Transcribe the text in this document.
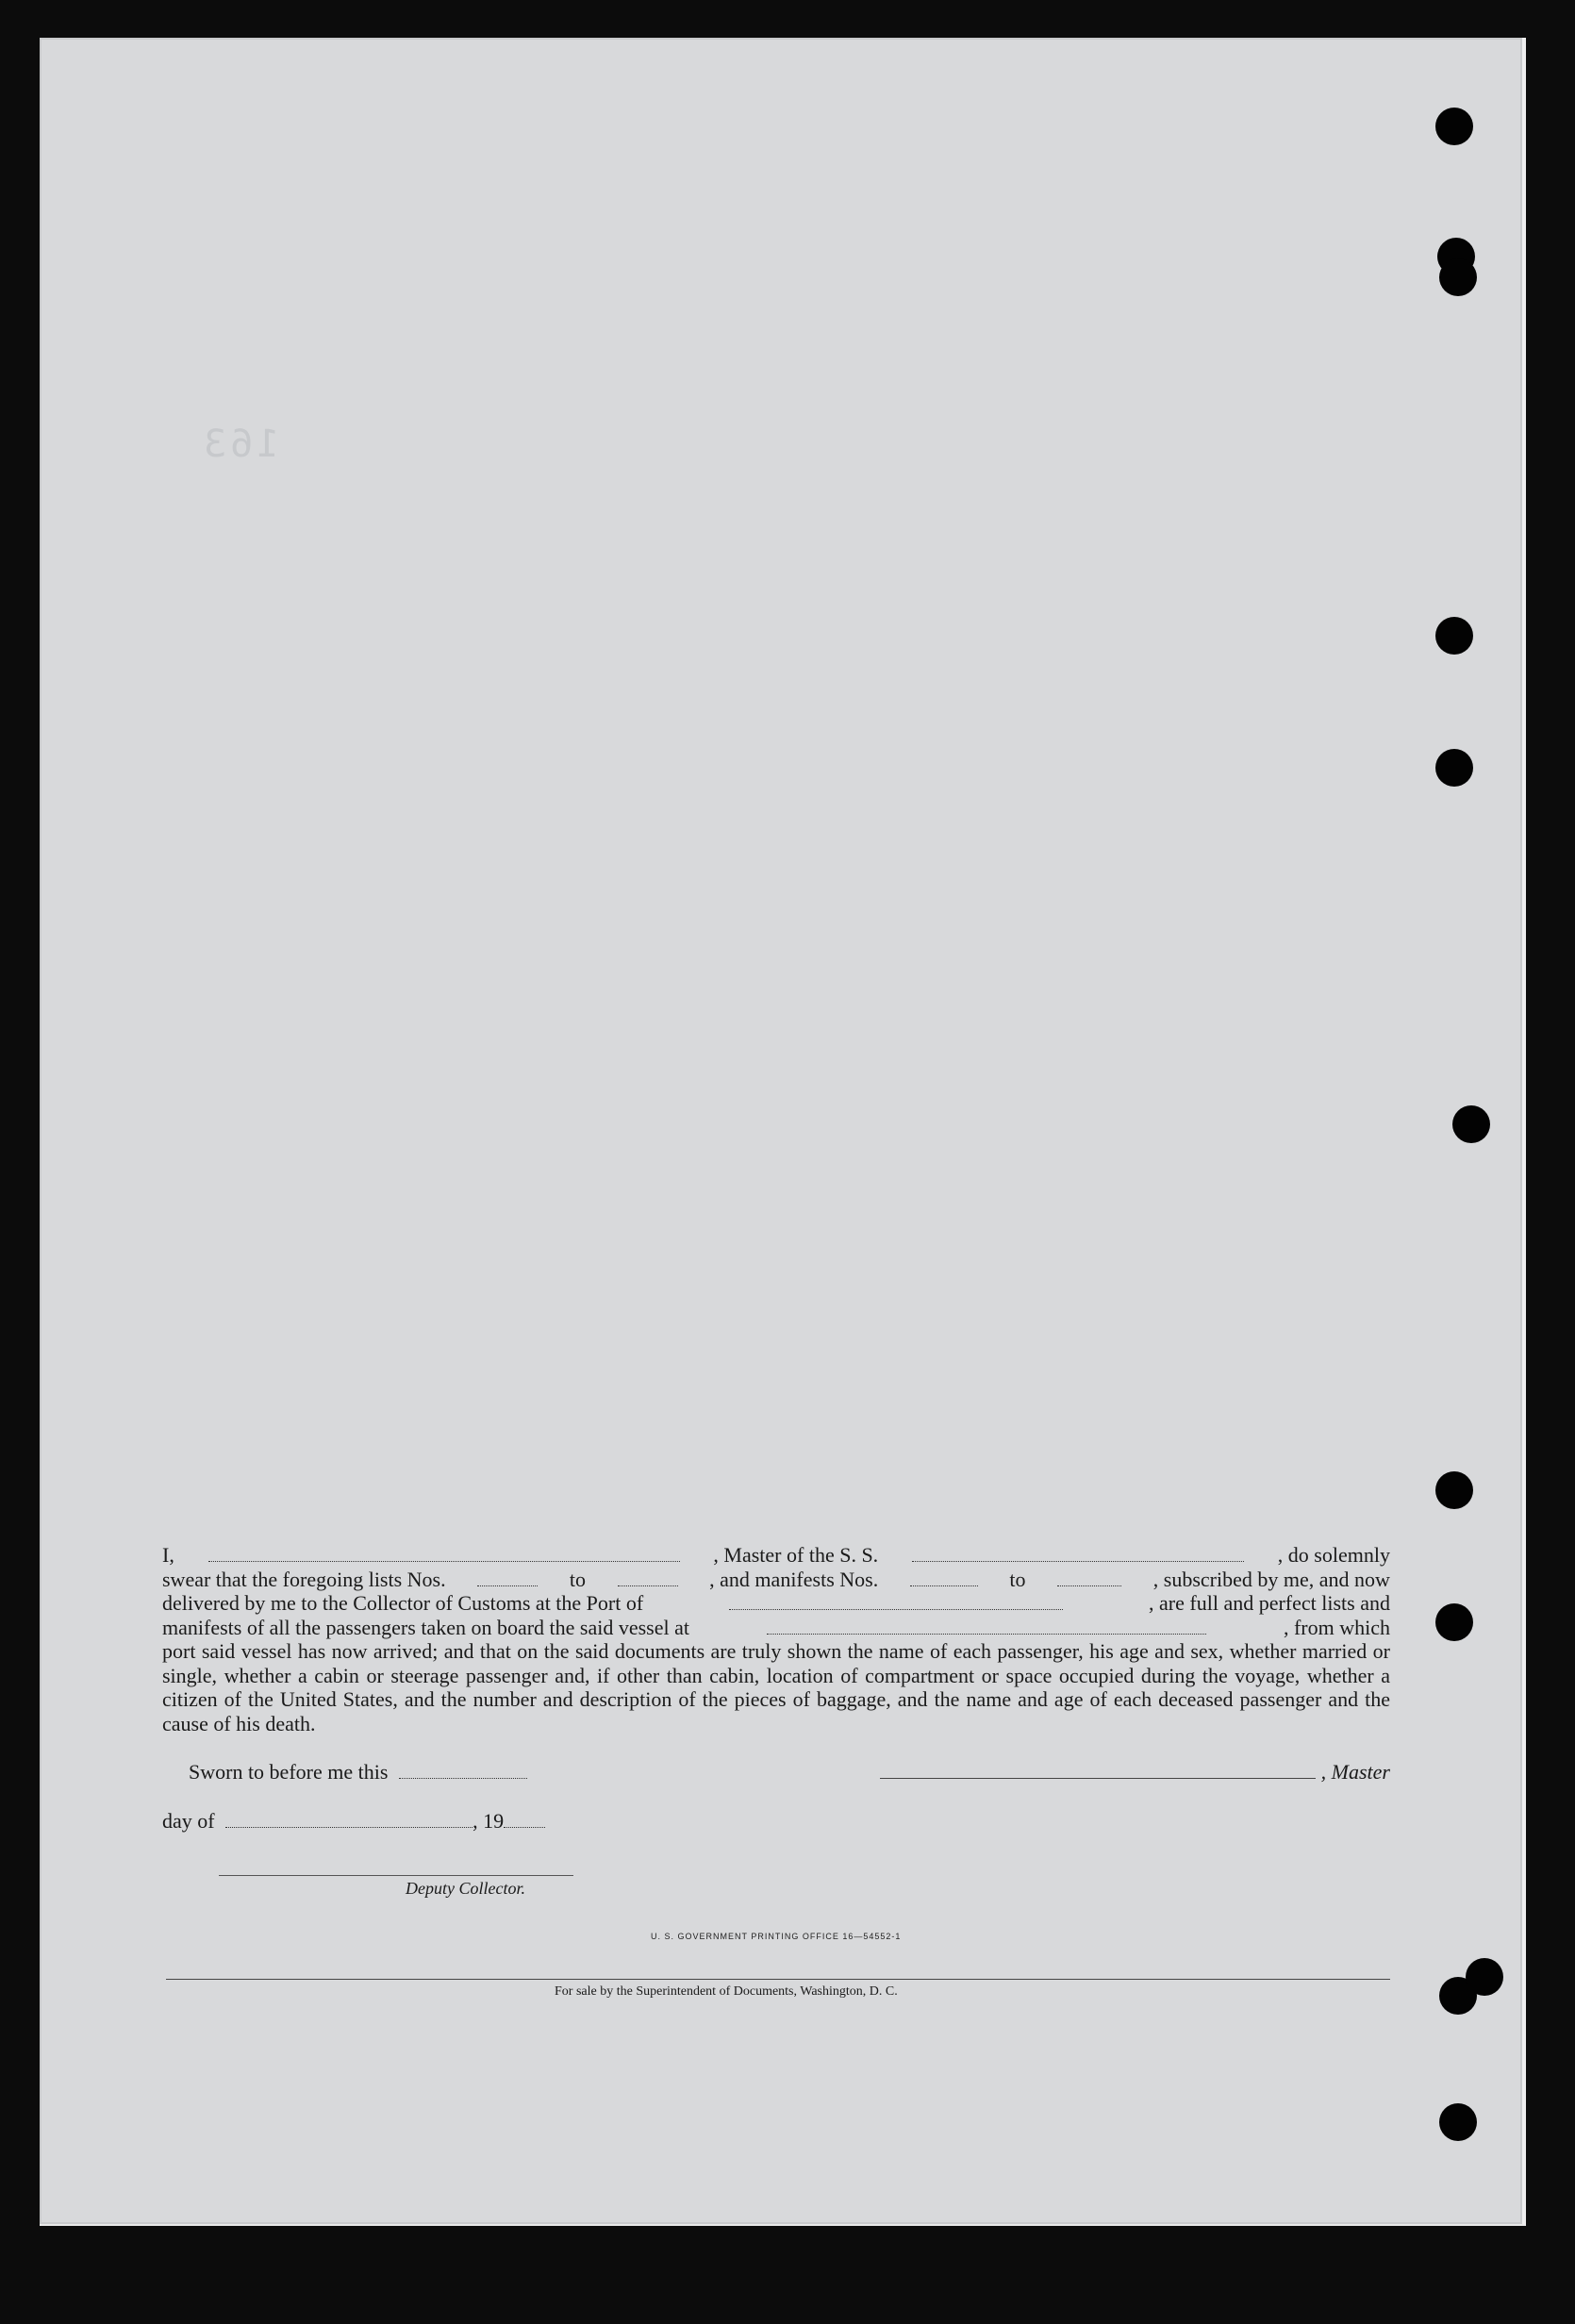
163
I,	, Master of the S. S.	, do solemnly
swear that the foregoing lists Nos.	to	, and manifests Nos.	to	, subscribed by me, and now
delivered by me to the Collector of Customs at the Port of	, are full and perfect lists and
manifests of all the passengers taken on board the said vessel at	, from which
port said vessel has now arrived; and that on the said documents are truly shown the name of each passenger, his age and sex, whether married or single, whether a cabin or steerage passenger and, if other than cabin, location of compartment or space occupied during the voyage, whether a citizen of the United States, and the number and description of the pieces of baggage, and the name and age of each deceased passenger and the cause of his death.
Sworn to before me this	, Master
day of	, 19
Deputy Collector.
U. S. GOVERNMENT PRINTING OFFICE 16—54552-1
For sale by the Superintendent of Documents, Washington, D. C.
